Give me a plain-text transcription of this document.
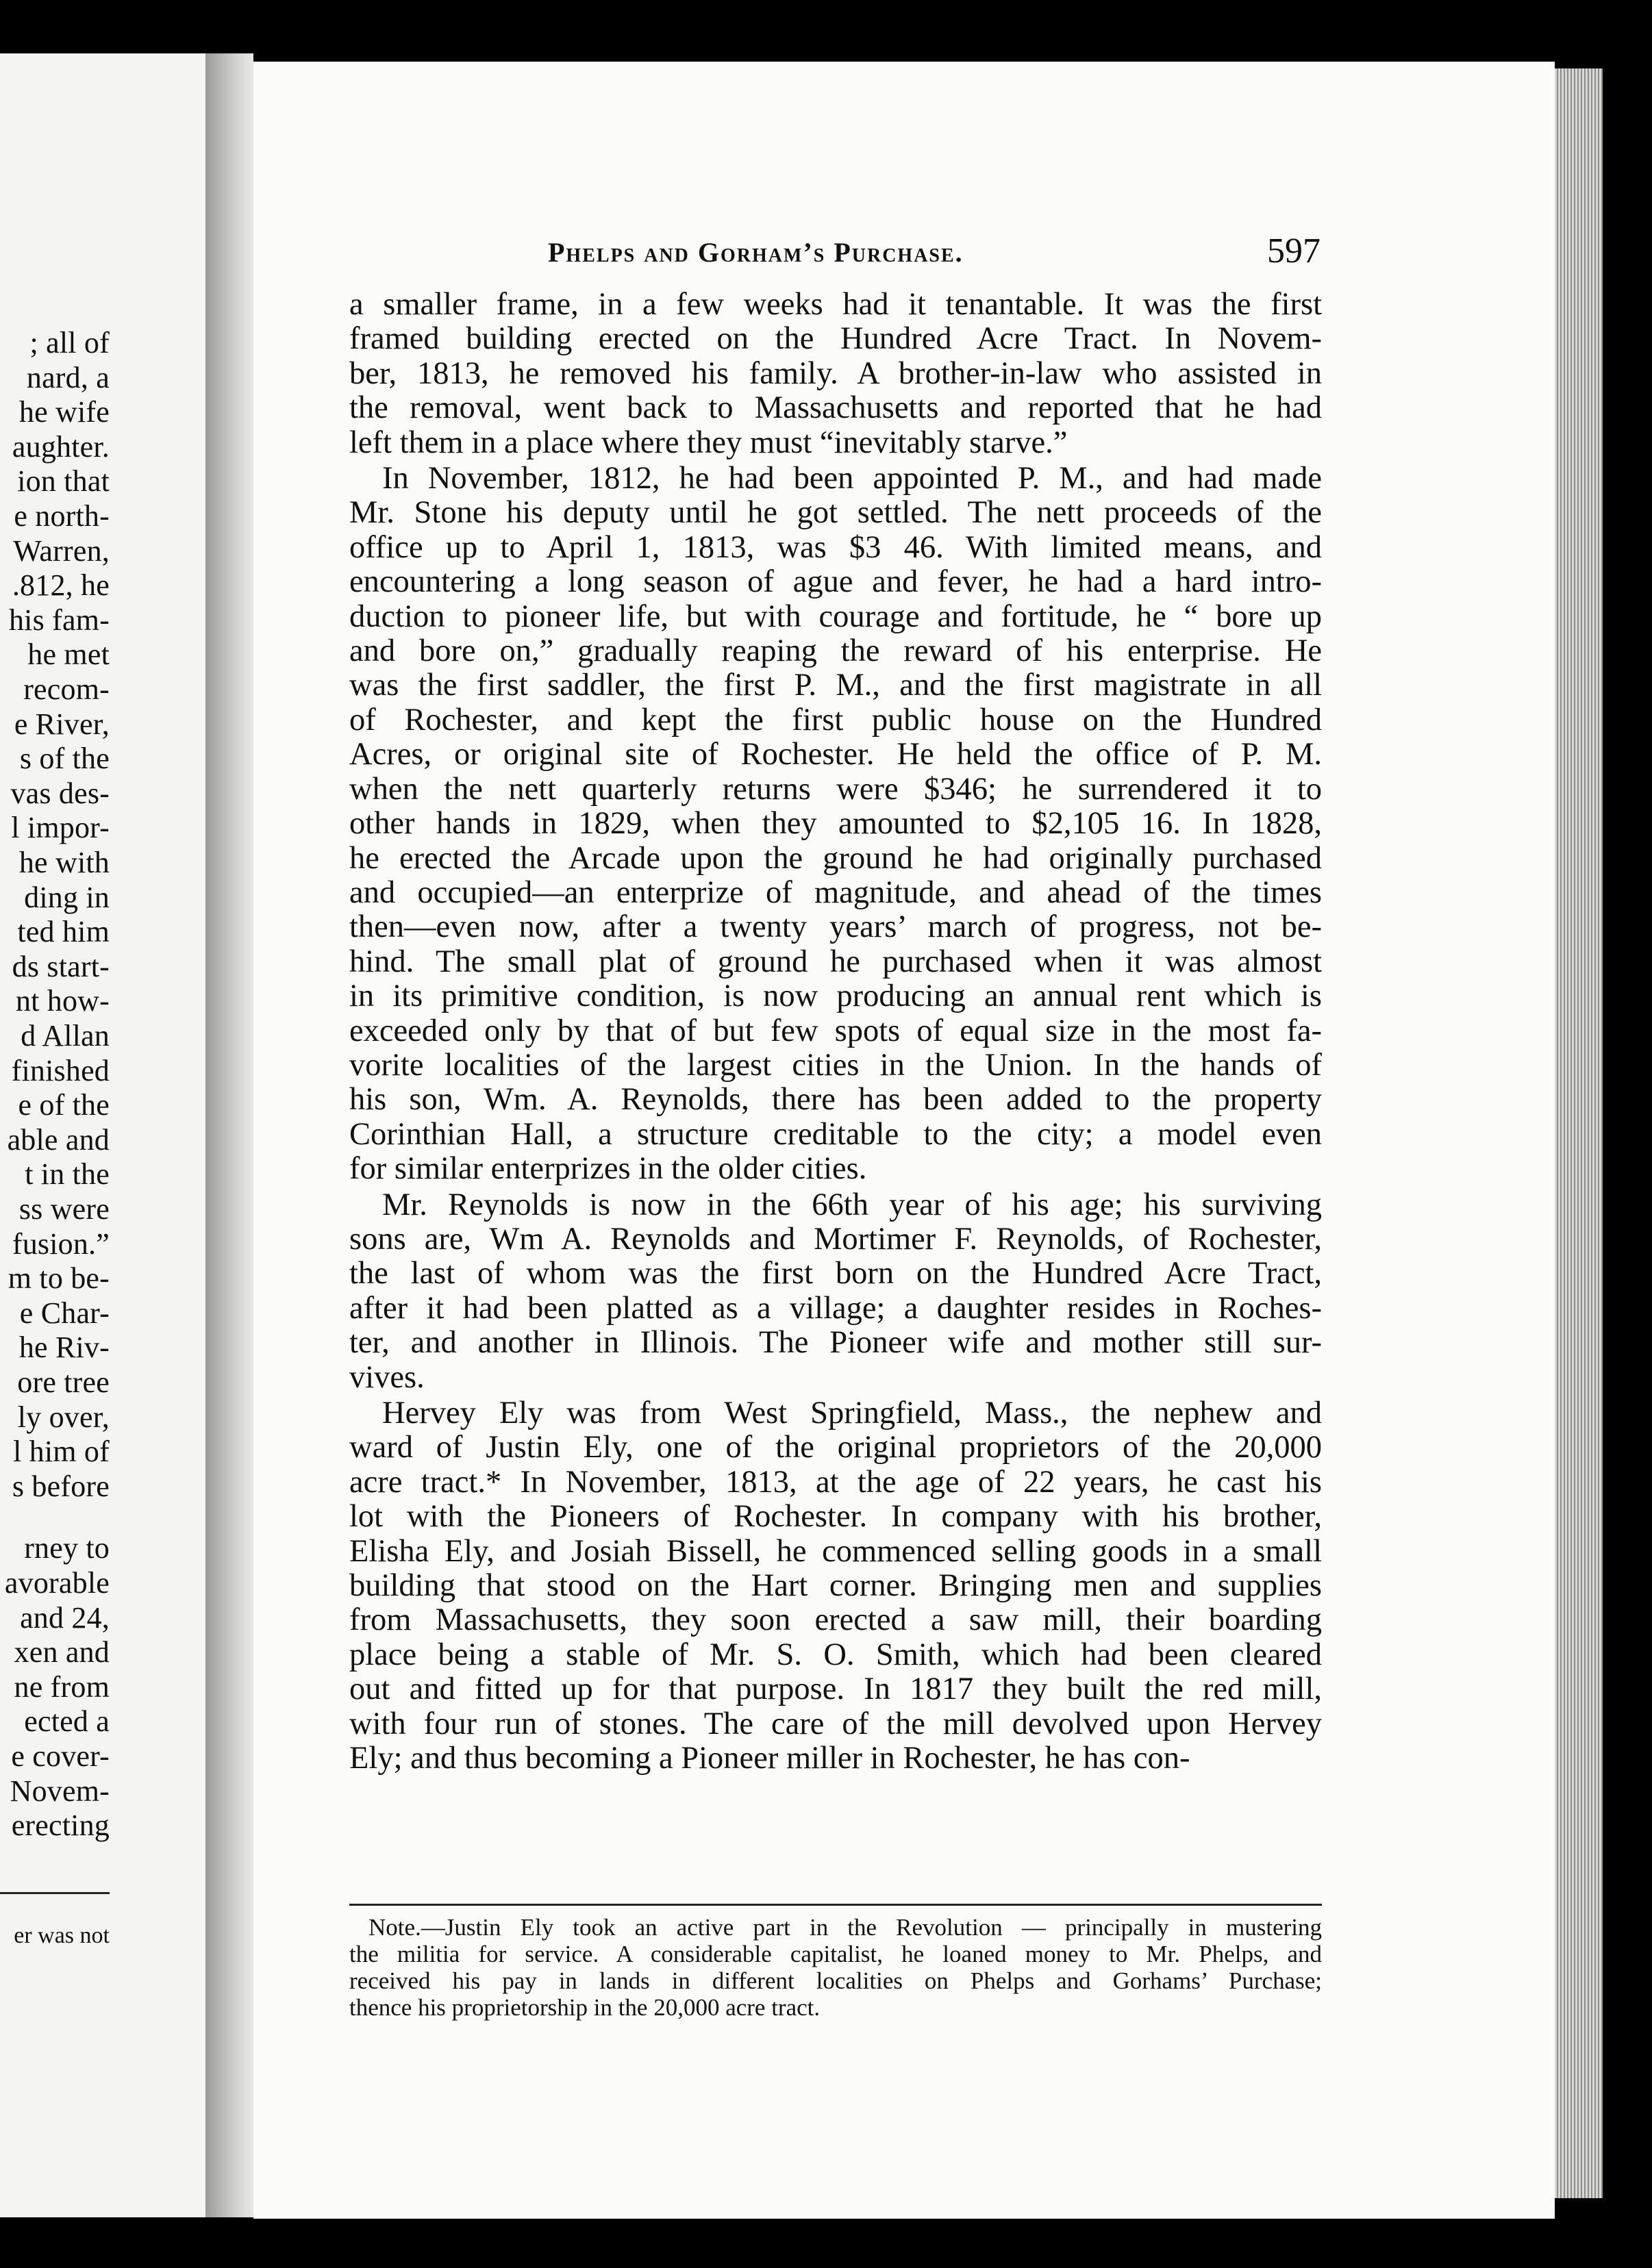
; all of
nard, a
he wife
aughter.
ion that
e north-
Warren,
.812, he
his fam-
he met
recom-
e River,
s of the
vas des-
l impor-
he with
ding in
ted him
ds start-
nt how-
d Allan
finished
e of the
able and
t in the
ss were
fusion.”
m to be-
e Char-
he Riv-
ore tree
ly over,
l him of
s before
rney to
avorable
and 24,
xen and
ne from
ected a
e cover-
Novem-
erecting
er was not
Phelps and Gorham’s Purchase.	597

a smaller frame, in a few weeks had it tenantable. It was the first
framed building erected on the Hundred Acre Tract. In Novem-
ber, 1813, he removed his family. A brother-in-law who assisted in
the removal, went back to Massachusetts and reported that he had
left them in a place where they must “inevitably starve.”

In November, 1812, he had been appointed P. M., and had made
Mr. Stone his deputy until he got settled. The nett proceeds of the
office up to April 1, 1813, was $3 46. With limited means, and
encountering a long season of ague and fever, he had a hard intro-
duction to pioneer life, but with courage and fortitude, he “ bore up
and bore on,” gradually reaping the reward of his enterprise. He
was the first saddler, the first P. M., and the first magistrate in all
of Rochester, and kept the first public house on the Hundred
Acres, or original site of Rochester. He held the office of P. M.
when the nett quarterly returns were $346; he surrendered it to
other hands in 1829, when they amounted to $2,105 16. In 1828,
he erected the Arcade upon the ground he had originally purchased
and occupied—an enterprize of magnitude, and ahead of the times
then—even now, after a twenty years’ march of progress, not be-
hind. The small plat of ground he purchased when it was almost
in its primitive condition, is now producing an annual rent which is
exceeded only by that of but few spots of equal size in the most fa-
vorite localities of the largest cities in the Union. In the hands of
his son, Wm. A. Reynolds, there has been added to the property
Corinthian Hall, a structure creditable to the city; a model even
for similar enterprizes in the older cities.

Mr. Reynolds is now in the 66th year of his age; his surviving
sons are, Wm A. Reynolds and Mortimer F. Reynolds, of Rochester,
the last of whom was the first born on the Hundred Acre Tract,
after it had been platted as a village; a daughter resides in Roches-
ter, and another in Illinois. The Pioneer wife and mother still sur-
vives.

Hervey Ely was from West Springfield, Mass., the nephew and
ward of Justin Ely, one of the original proprietors of the 20,000
acre tract.* In November, 1813, at the age of 22 years, he cast his
lot with the Pioneers of Rochester. In company with his brother,
Elisha Ely, and Josiah Bissell, he commenced selling goods in a small
building that stood on the Hart corner. Bringing men and supplies
from Massachusetts, they soon erected a saw mill, their boarding
place being a stable of Mr. S. O. Smith, which had been cleared
out and fitted up for that purpose. In 1817 they built the red mill,
with four run of stones. The care of the mill devolved upon Hervey
Ely; and thus becoming a Pioneer miller in Rochester, he has con-

Note.—Justin Ely took an active part in the Revolution — principally in mustering
the militia for service. A considerable capitalist, he loaned money to Mr. Phelps, and
received his pay in lands in different localities on Phelps and Gorhams’ Purchase;
thence his proprietorship in the 20,000 acre tract.
